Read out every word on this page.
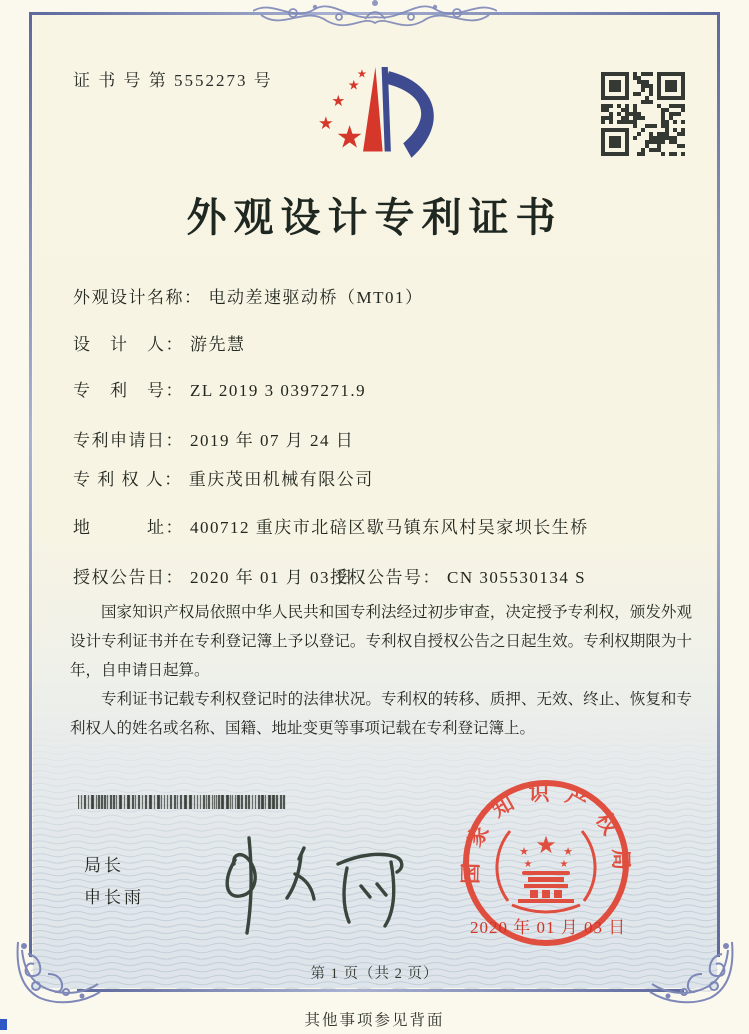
证 书 号 第 5552273 号
★
★
★
★
★
外观设计专利证书
外观设计名称： 电动差速驱动桥（MT01）
设　计　人： 游先慧
专　利　号： ZL 2019 3 0397271.9
专利申请日： 2019 年 07 月 24 日
专 利 权 人： 重庆茂田机械有限公司
地　　　址： 400712 重庆市北碚区歇马镇东风村吴家坝长生桥
授权公告日： 2020 年 01 月 03 日
授权公告号： CN 305530134 S

国家知识产权局依照中华人民共和国专利法经过初步审查，决定授予专利权，颁发外观设计专利证书并在专利登记簿上予以登记。专利权自授权公告之日起生效。专利权期限为十年，自申请日起算。

专利证书记载专利权登记时的法律状况。专利权的转移、质押、无效、终止、恢复和专利权人的姓名或名称、国籍、地址变更等事项记载在专利登记簿上。

局长
申长雨
国家知识产权局
★
★	★
★	★
2020 年 01 月 03 日
第 1 页（共 2 页）
其他事项参见背面
